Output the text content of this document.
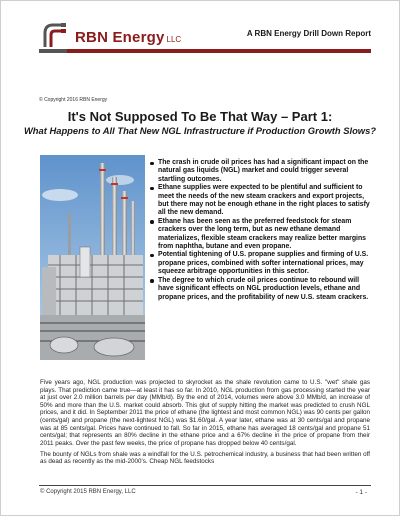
RBN Energy LLC
A RBN Energy Drill Down Report
© Copyright 2016 RBN Energy
It's Not Supposed To Be That Way – Part 1:
What Happens to All That New NGL Infrastructure if Production Growth Slows?
The crash in crude oil prices has had a significant impact on the natural gas liquids (NGL) market and could trigger several startling outcomes.
Ethane supplies were expected to be plentiful and sufficient to meet the needs of the new steam crackers and export projects, but there may not be enough ethane in the right places to satisfy all the new demand.
Ethane has been seen as the preferred feedstock for steam crackers over the long term, but as new ethane demand materializes, flexible steam crackers may realize better margins from naphtha, butane and even propane.
Potential tightening of U.S. propane supplies and firming of U.S. propane prices, combined with softer international prices, may squeeze arbitrage opportunities in this sector.
The degree to which crude oil prices continue to rebound will have significant effects on NGL production levels, ethane and propane prices, and the profitability of new U.S. steam crackers.

Five years ago, NGL production was projected to skyrocket as the shale revolution came to U.S. "wet" shale gas plays. That prediction came true—at least it has so far. In 2010, NGL production from gas processing started the year at just over 2.0 million barrels per day (MMb/d). By the end of 2014, volumes were above 3.0 MMb/d, an increase of 50% and more than the U.S. market could absorb. This glut of supply hitting the market was predicted to crush NGL prices, and it did. In September 2011 the price of ethane (the lightest and most common NGL) was 90 cents per gallon (cents/gal) and propane (the next-lightest NGL) was $1.60/gal. A year later, ethane was at 30 cents/gal and propane was at 85 cents/gal. Prices have continued to fall. So far in 2015, ethane has averaged 18 cents/gal and propane 51 cents/gal; that represents an 80% decline in the ethane price and a 67% decline in the price of propane from their 2011 peaks. Over the past few weeks, the price of propane has dropped below 40 cents/gal.

The bounty of NGLs from shale was a windfall for the U.S. petrochemical industry, a business that had been written off as dead as recently as the mid-2000's. Cheap NGL feedstocks

© Copyright 2015 RBN Energy, LLC	- 1 -
